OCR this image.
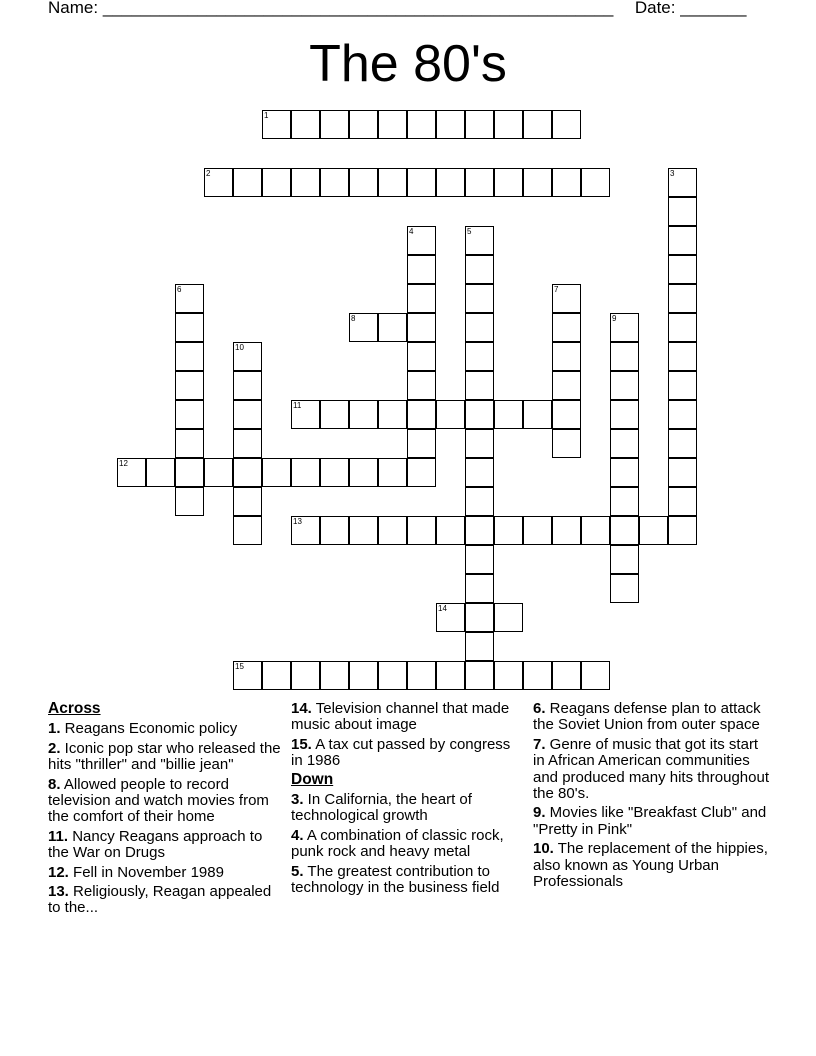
Name: ______________________________________________________ Date: _______
The 80's
1
2	3
4	5
6	7
8	9
10
11
12
13
14
15
Across
1. Reagans Economic policy
2. Iconic pop star who released the hits "thriller" and "billie jean"
8. Allowed people to record television and watch movies from the comfort of their home
11. Nancy Reagans approach to the War on Drugs
12. Fell in November 1989
13. Religiously, Reagan appealed to the...
14. Television channel that made music about image
15. A tax cut passed by congress in 1986
Down
3. In California, the heart of technological growth
4. A combination of classic rock, punk rock and heavy metal
5. The greatest contribution to technology in the business field
6. Reagans defense plan to attack the Soviet Union from outer space
7. Genre of music that got its start in African American communities and produced many hits throughout the 80's.
9. Movies like "Breakfast Club" and "Pretty in Pink"
10. The replacement of the hippies, also known as Young Urban Professionals
